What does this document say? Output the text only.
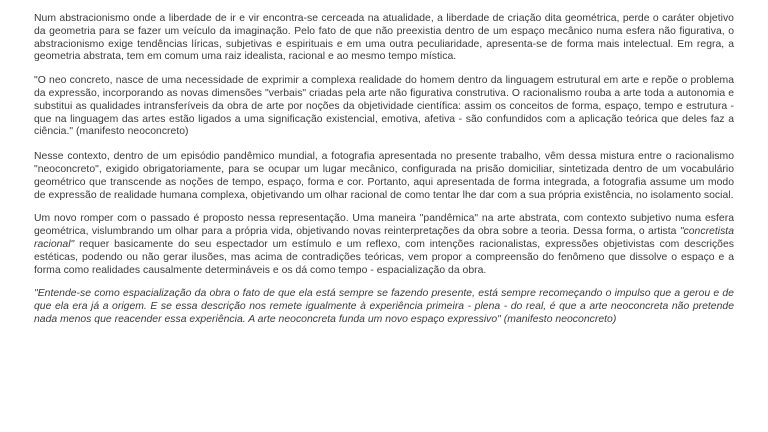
Num abstracionismo onde a liberdade de ir e vir encontra-se cerceada na atualidade, a liberdade de criação dita geométrica, perde o caráter objetivo da geometria para se fazer um veículo da imaginação. Pelo fato de que não preexistia dentro de um espaço mecânico numa esfera não figurativa, o abstracionismo exige tendências líricas, subjetivas e espirituais e em uma outra peculiaridade, apresenta-se de forma mais intelectual. Em regra, a geometria abstrata, tem em comum uma raiz idealista, racional e ao mesmo tempo mística.

"O neo concreto, nasce de uma necessidade de exprimir a complexa realidade do homem dentro da linguagem estrutural em arte e repõe o problema da expressão, incorporando as novas dimensões "verbais" criadas pela arte não figurativa construtiva. O racionalismo rouba a arte toda a autonomia e substitui as qualidades intransferíveis da obra de arte por noções da objetividade científica: assim os conceitos de forma, espaço, tempo e estrutura - que na linguagem das artes estão ligados a uma significação existencial, emotiva, afetiva - são confundidos com a aplicação teórica que deles faz a ciência." (manifesto neoconcreto)

Nesse contexto, dentro de um episódio pandêmico mundial, a fotografia apresentada no presente trabalho, vêm dessa mistura entre o racionalismo "neoconcreto", exigido obrigatoriamente, para se ocupar um lugar mecânico, configurada na prisão domiciliar, sintetizada dentro de um vocabulário geométrico que transcende as noções de tempo, espaço, forma e cor. Portanto, aqui apresentada de forma integrada, a fotografia assume um modo de expressão de realidade humana complexa, objetivando um olhar racional de como tentar lhe dar com a sua própria existência, no isolamento social.

Um novo romper com o passado é proposto nessa representação. Uma maneira "pandêmica" na arte abstrata, com contexto subjetivo numa esfera geométrica, vislumbrando um olhar para a própria vida, objetivando novas reinterpretações da obra sobre a teoria. Dessa forma, o artista "concretista racional" requer basicamente do seu espectador um estímulo e um reflexo, com intenções racionalistas, expressões objetivistas com descrições estéticas, podendo ou não gerar ilusões, mas acima de contradições teóricas, vem propor a compreensão do fenômeno que dissolve o espaço e a forma como realidades causalmente determináveis e os dá como tempo - espacialização da obra.

"Entende-se como espacialização da obra o fato de que ela está sempre se fazendo presente, está sempre recomeçando o impulso que a gerou e de que ela era já a origem. E se essa descrição nos remete igualmente à experiência primeira - plena - do real, é que a arte neoconcreta não pretende nada menos que reacender essa experiência. A arte neoconcreta funda um novo espaço expressivo" (manifesto neoconcreto)
